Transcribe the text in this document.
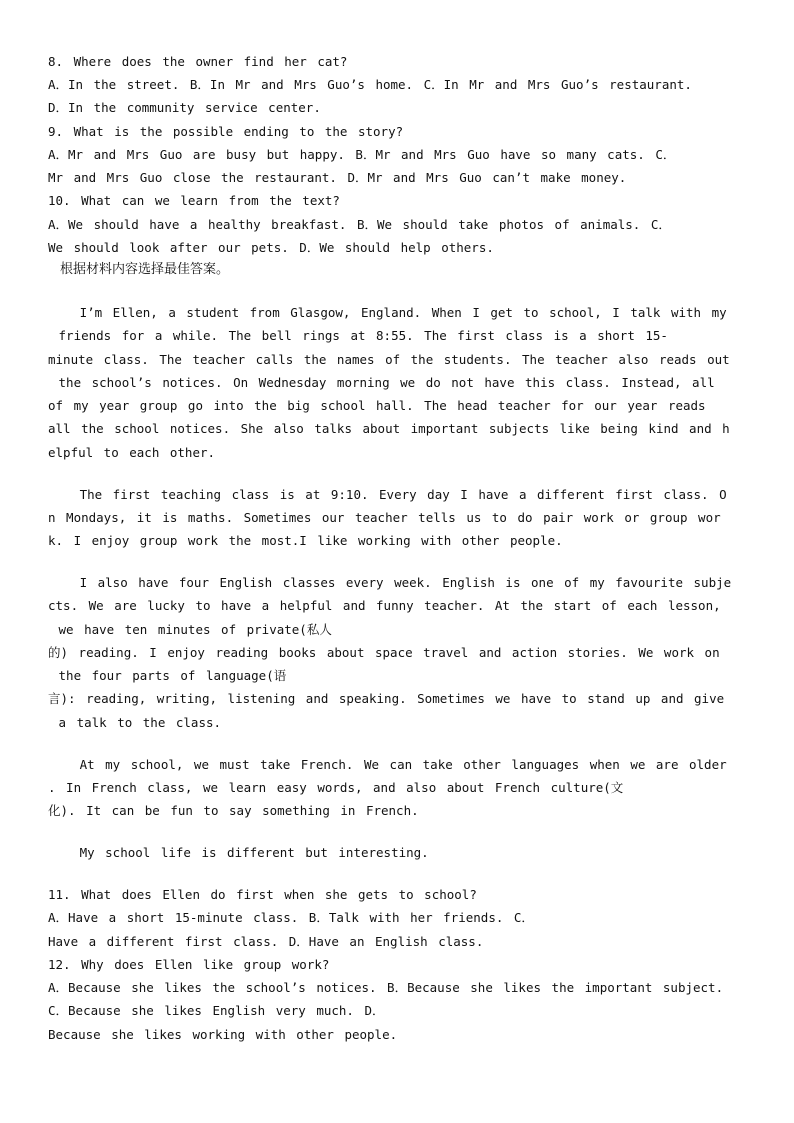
8. Where does the owner find her cat?
A．In the street. B．In Mr and Mrs Guo’s home. C．In Mr and Mrs Guo’s restaurant.
D．In the community service center.
9. What is the possible ending to the story?
A．Mr and Mrs Guo are busy but happy. B．Mr and Mrs Guo have so many cats. C．
Mr and Mrs Guo close the restaurant. D．Mr and Mrs Guo can’t make money.
10. What can we learn from the text?
A．We should have a healthy breakfast. B．We should take photos of animals. C．
We should look after our pets. D．We should help others.
根据材料内容选择最佳答案。
I’m Ellen, a student from Glasgow, England. When I get to school, I talk with my
friends for a while. The bell rings at 8:55. The first class is a short 15-
minute class. The teacher calls the names of the students. The teacher also reads out
the school’s notices. On Wednesday morning we do not have this class. Instead, all
of my year group go into the big school hall. The head teacher for our year reads
all the school notices. She also talks about important subjects like being kind and h
elpful to each other.
The first teaching class is at 9:10. Every day I have a different first class. O
n Mondays, it is maths. Sometimes our teacher tells us to do pair work or group wor
k. I enjoy group work the most.I like working with other people.
I also have four English classes every week. English is one of my favourite subje
cts. We are lucky to have a helpful and funny teacher. At the start of each lesson,
we have ten minutes of private(私人
的) reading. I enjoy reading books about space travel and action stories. We work on
the four parts of language(语
言): reading, writing, listening and speaking. Sometimes we have to stand up and give
a talk to the class.
At my school, we must take French. We can take other languages when we are older
. In French class, we learn easy words, and also about French culture(文
化). It can be fun to say something in French.
My school life is different but interesting.
11. What does Ellen do first when she gets to school?
A．Have a short 15-minute class. B．Talk with her friends. C．
Have a different first class. D．Have an English class.
12. Why does Ellen like group work?
A．Because she likes the school’s notices. B．Because she likes the important subject.
C．Because she likes English very much. D．
Because she likes working with other people.
